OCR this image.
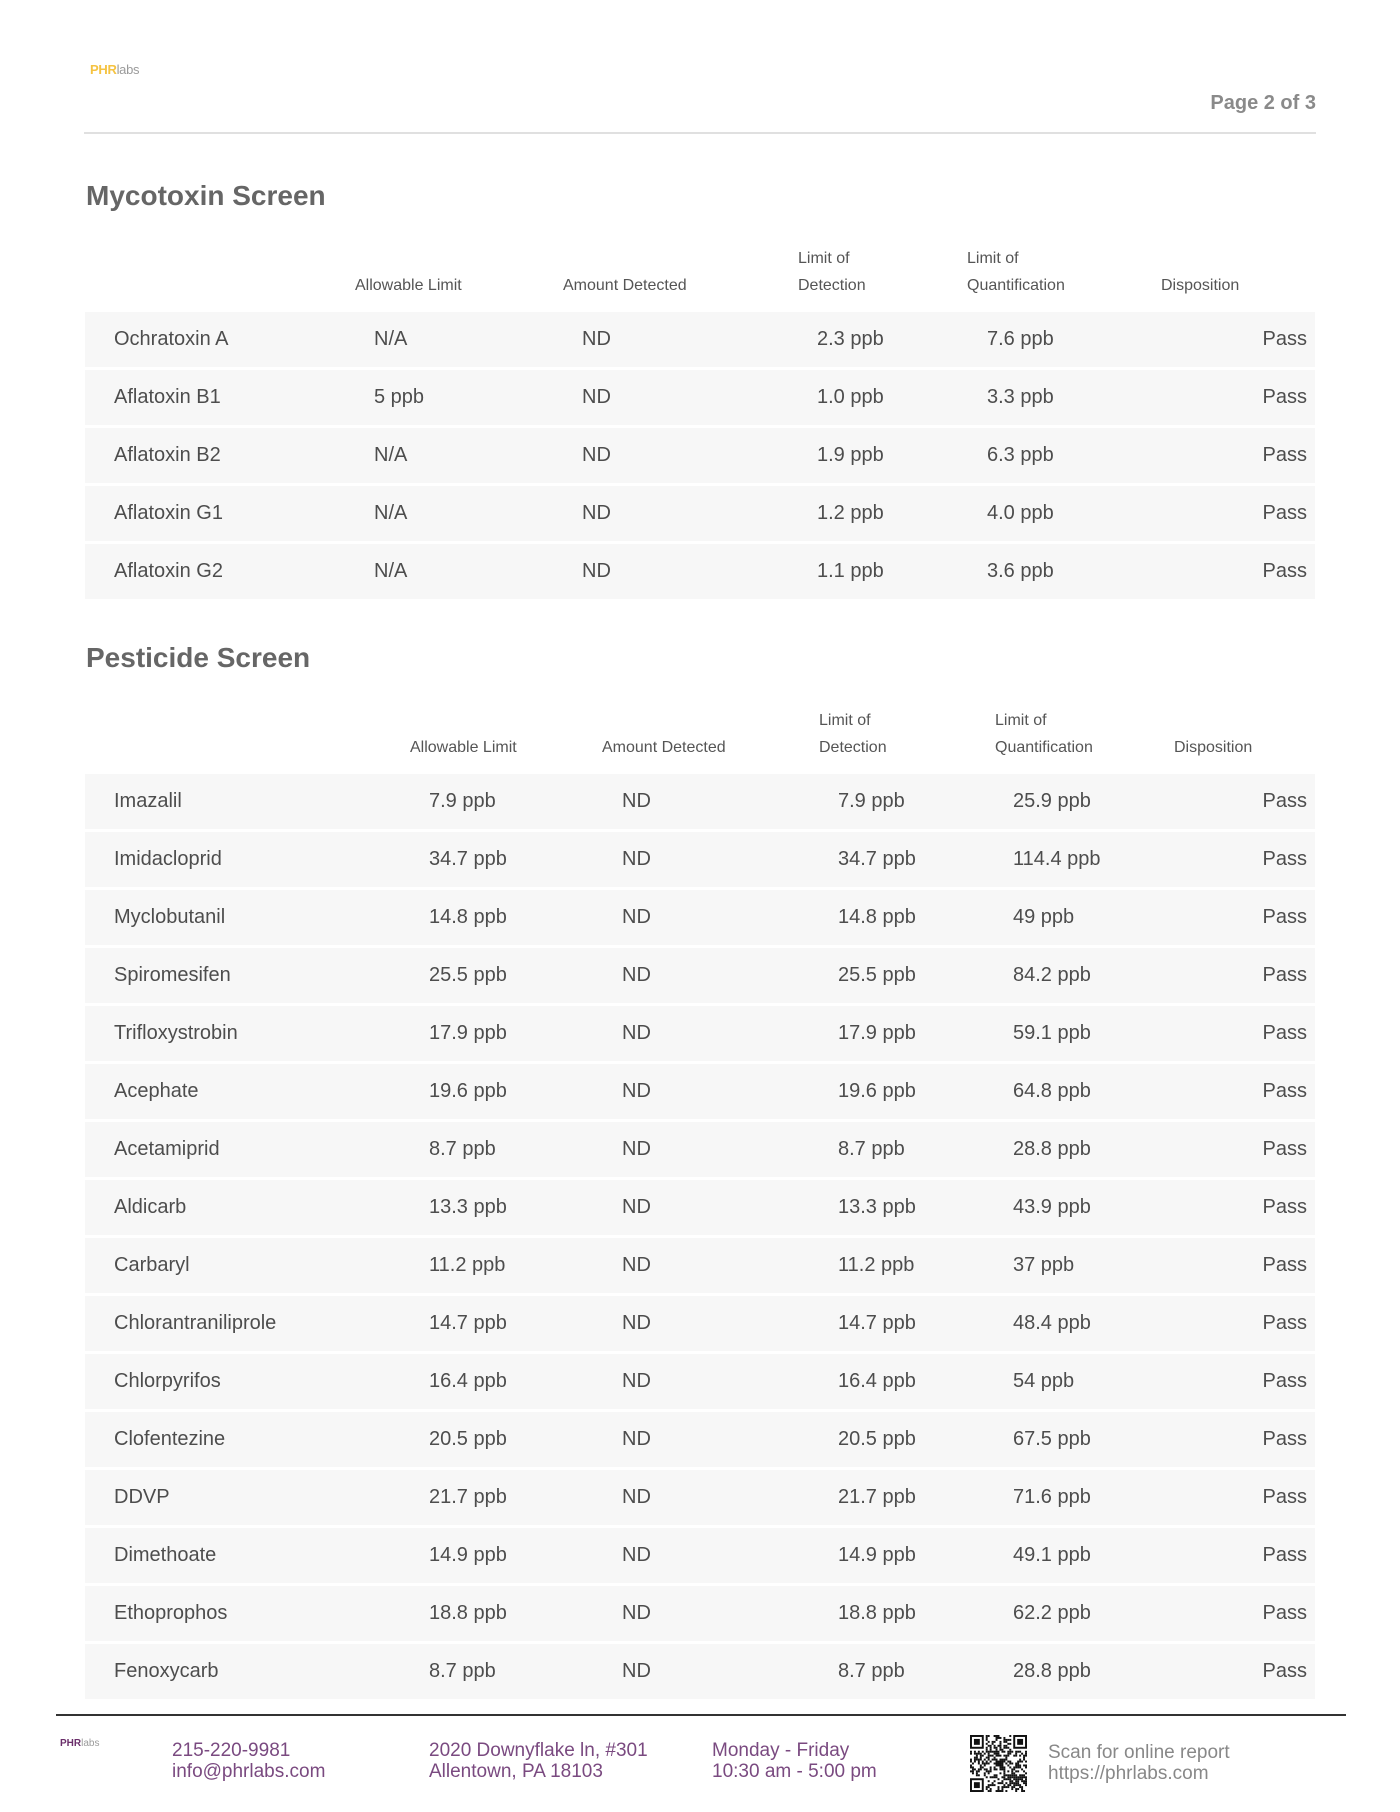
PHRlabs
Page 2 of 3
Mycotoxin Screen
Allowable Limit	Amount Detected
Limit of
Detection
Limit of
Quantification	Disposition
Ochratoxin A	N/A	ND	2.3 ppb	7.6 ppb	Pass
Aflatoxin B1	5 ppb	ND	1.0 ppb	3.3 ppb	Pass
Aflatoxin B2	N/A	ND	1.9 ppb	6.3 ppb	Pass
Aflatoxin G1	N/A	ND	1.2 ppb	4.0 ppb	Pass
Aflatoxin G2	N/A	ND	1.1 ppb	3.6 ppb	Pass
Pesticide Screen
Allowable Limit	Amount Detected
Limit of
Detection
Limit of
Quantification	Disposition
Imazalil	7.9 ppb	ND	7.9 ppb	25.9 ppb	Pass
Imidacloprid	34.7 ppb	ND	34.7 ppb	114.4 ppb	Pass
Myclobutanil	14.8 ppb	ND	14.8 ppb	49 ppb	Pass
Spiromesifen	25.5 ppb	ND	25.5 ppb	84.2 ppb	Pass
Trifloxystrobin	17.9 ppb	ND	17.9 ppb	59.1 ppb	Pass
Acephate	19.6 ppb	ND	19.6 ppb	64.8 ppb	Pass
Acetamiprid	8.7 ppb	ND	8.7 ppb	28.8 ppb	Pass
Aldicarb	13.3 ppb	ND	13.3 ppb	43.9 ppb	Pass
Carbaryl	11.2 ppb	ND	11.2 ppb	37 ppb	Pass
Chlorantraniliprole	14.7 ppb	ND	14.7 ppb	48.4 ppb	Pass
Chlorpyrifos	16.4 ppb	ND	16.4 ppb	54 ppb	Pass
Clofentezine	20.5 ppb	ND	20.5 ppb	67.5 ppb	Pass
DDVP	21.7 ppb	ND	21.7 ppb	71.6 ppb	Pass
Dimethoate	14.9 ppb	ND	14.9 ppb	49.1 ppb	Pass
Ethoprophos	18.8 ppb	ND	18.8 ppb	62.2 ppb	Pass
Fenoxycarb	8.7 ppb	ND	8.7 ppb	28.8 ppb	Pass
PHRlabs	215-220-9981
info@phrlabs.com
2020 Downyflake ln, #301
Allentown, PA 18103
Monday - Friday
10:30 am - 5:00 pm
Scan for online report
https://phrlabs.com
